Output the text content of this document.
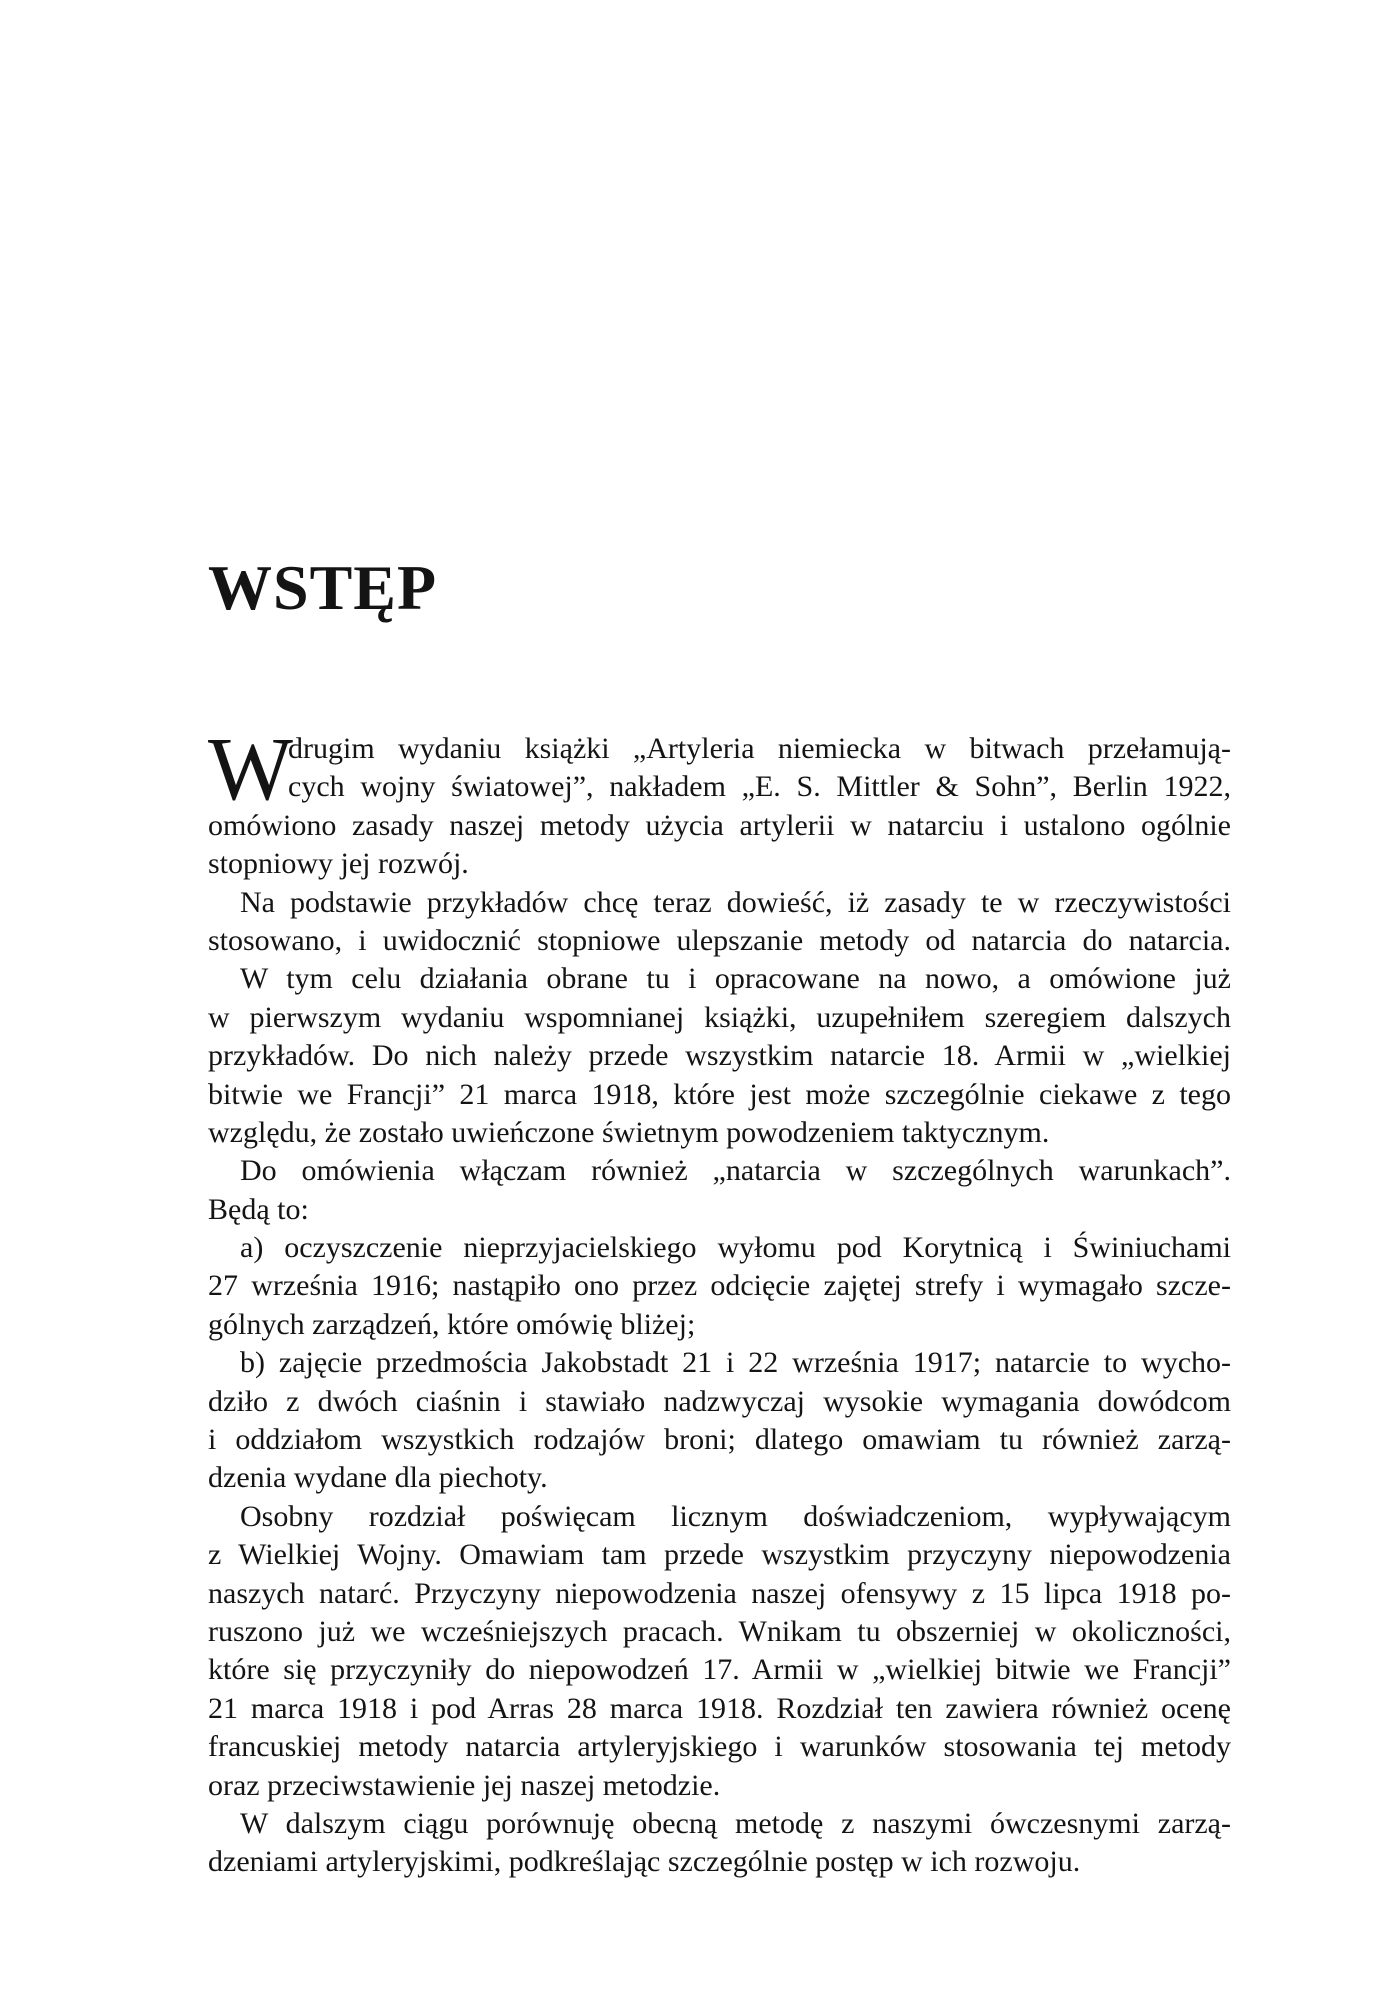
WSTĘP
W
drugim wydaniu książki „Artyleria niemiecka w bitwach przełamują-
cych wojny światowej”, nakładem „E. S. Mittler & Sohn”, Berlin 1922,
omówiono zasady naszej metody użycia artylerii w natarciu i ustalono ogólnie
stopniowy jej rozwój.
Na podstawie przykładów chcę teraz dowieść, iż zasady te w rzeczywistości
stosowano, i uwidocznić stopniowe ulepszanie metody od natarcia do natarcia.
W tym celu działania obrane tu i opracowane na nowo, a omówione już
w pierwszym wydaniu wspomnianej książki, uzupełniłem szeregiem dalszych
przykładów. Do nich należy przede wszystkim natarcie 18. Armii w „wielkiej
bitwie we Francji” 21 marca 1918, które jest może szczególnie ciekawe z tego
względu, że zostało uwieńczone świetnym powodzeniem taktycznym.
Do omówienia włączam również „natarcia w szczególnych warunkach”.
Będą to:
a) oczyszczenie nieprzyjacielskiego wyłomu pod Korytnicą i Świniuchami
27 września 1916; nastąpiło ono przez odcięcie zajętej strefy i wymagało szcze-
gólnych zarządzeń, które omówię bliżej;
b) zajęcie przedmościa Jakobstadt 21 i 22 września 1917; natarcie to wycho-
dziło z dwóch ciaśnin i stawiało nadzwyczaj wysokie wymagania dowódcom
i oddziałom wszystkich rodzajów broni; dlatego omawiam tu również zarzą-
dzenia wydane dla piechoty.
Osobny rozdział poświęcam licznym doświadczeniom, wypływającym
z Wielkiej Wojny. Omawiam tam przede wszystkim przyczyny niepowodzenia
naszych natarć. Przyczyny niepowodzenia naszej ofensywy z 15 lipca 1918 po-
ruszono już we wcześniejszych pracach. Wnikam tu obszerniej w okoliczności,
które się przyczyniły do niepowodzeń 17. Armii w „wielkiej bitwie we Francji”
21 marca 1918 i pod Arras 28 marca 1918. Rozdział ten zawiera również ocenę
francuskiej metody natarcia artyleryjskiego i warunków stosowania tej metody
oraz przeciwstawienie jej naszej metodzie.
W dalszym ciągu porównuję obecną metodę z naszymi ówczesnymi zarzą-
dzeniami artyleryjskimi, podkreślając szczególnie postęp w ich rozwoju.
